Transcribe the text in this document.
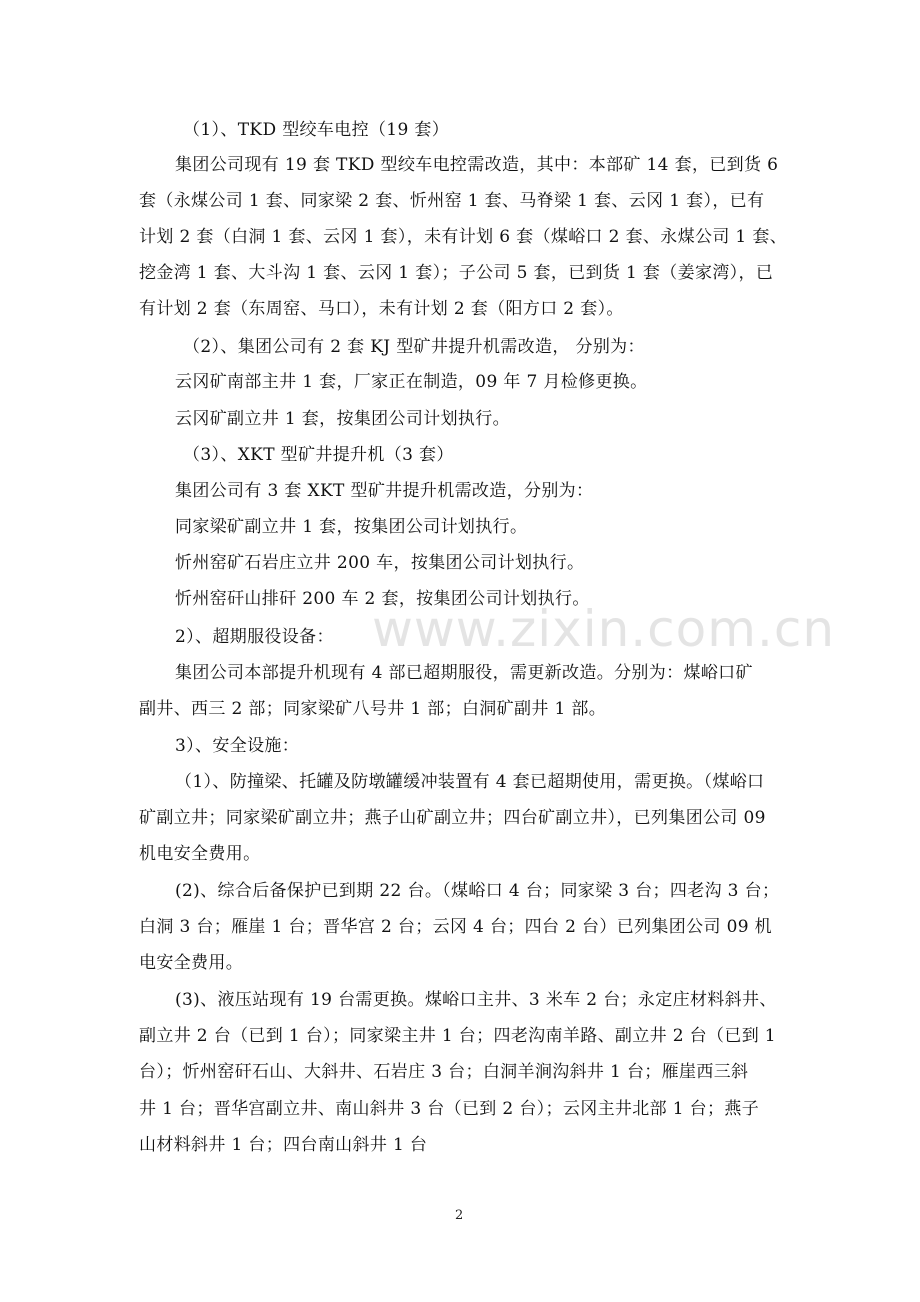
www.zixin.com.cn
（1）、TKD 型绞车电控（19 套）
集团公司现有 19 套 TKD 型绞车电控需改造，其中：本部矿 14 套，已到货 6
套（永煤公司 1 套、同家梁 2 套、忻州窑 1 套、马脊梁 1 套、云冈 1 套），已有
计划 2 套（白洞 1 套、云冈 1 套），未有计划 6 套（煤峪口 2 套、永煤公司 1 套、
挖金湾 1 套、大斗沟 1 套、云冈 1 套）；子公司 5 套，已到货 1 套（姜家湾），已
有计划 2 套（东周窑、马口），未有计划 2 套（阳方口 2 套）。
（2）、集团公司有 2 套 KJ 型矿井提升机需改造， 分别为：
云冈矿南部主井 1 套，厂家正在制造，09 年 7 月检修更换。
云冈矿副立井 1 套，按集团公司计划执行。
（3）、XKT 型矿井提升机（3 套）
集团公司有 3 套 XKT 型矿井提升机需改造，分别为：
同家梁矿副立井 1 套，按集团公司计划执行。
忻州窑矿石岩庄立井 200 车，按集团公司计划执行。
忻州窑矸山排矸 200 车 2 套，按集团公司计划执行。
2）、超期服役设备：
集团公司本部提升机现有 4 部已超期服役，需更新改造。分别为：煤峪口矿
副井、西三 2 部；同家梁矿八号井 1 部；白洞矿副井 1 部。
3）、安全设施：
（1）、防撞梁、托罐及防墩罐缓冲装置有 4 套已超期使用，需更换。（煤峪口
矿副立井；同家梁矿副立井；燕子山矿副立井；四台矿副立井），已列集团公司 09
机电安全费用。
(2)、综合后备保护已到期 22 台。（煤峪口 4 台；同家梁 3 台；四老沟 3 台；
白洞 3 台；雁崖 1 台；晋华宫 2 台；云冈 4 台；四台 2 台）已列集团公司 09 机
电安全费用。
(3)、液压站现有 19 台需更换。煤峪口主井、3 米车 2 台；永定庄材料斜井、
副立井 2 台（已到 1 台）；同家梁主井 1 台；四老沟南羊路、副立井 2 台（已到 1
台）；忻州窑矸石山、大斜井、石岩庄 3 台；白洞羊涧沟斜井 1 台；雁崖西三斜
井 1 台；晋华宫副立井、南山斜井 3 台（已到 2 台）；云冈主井北部 1 台；燕子
山材料斜井 1 台；四台南山斜井 1 台
2
